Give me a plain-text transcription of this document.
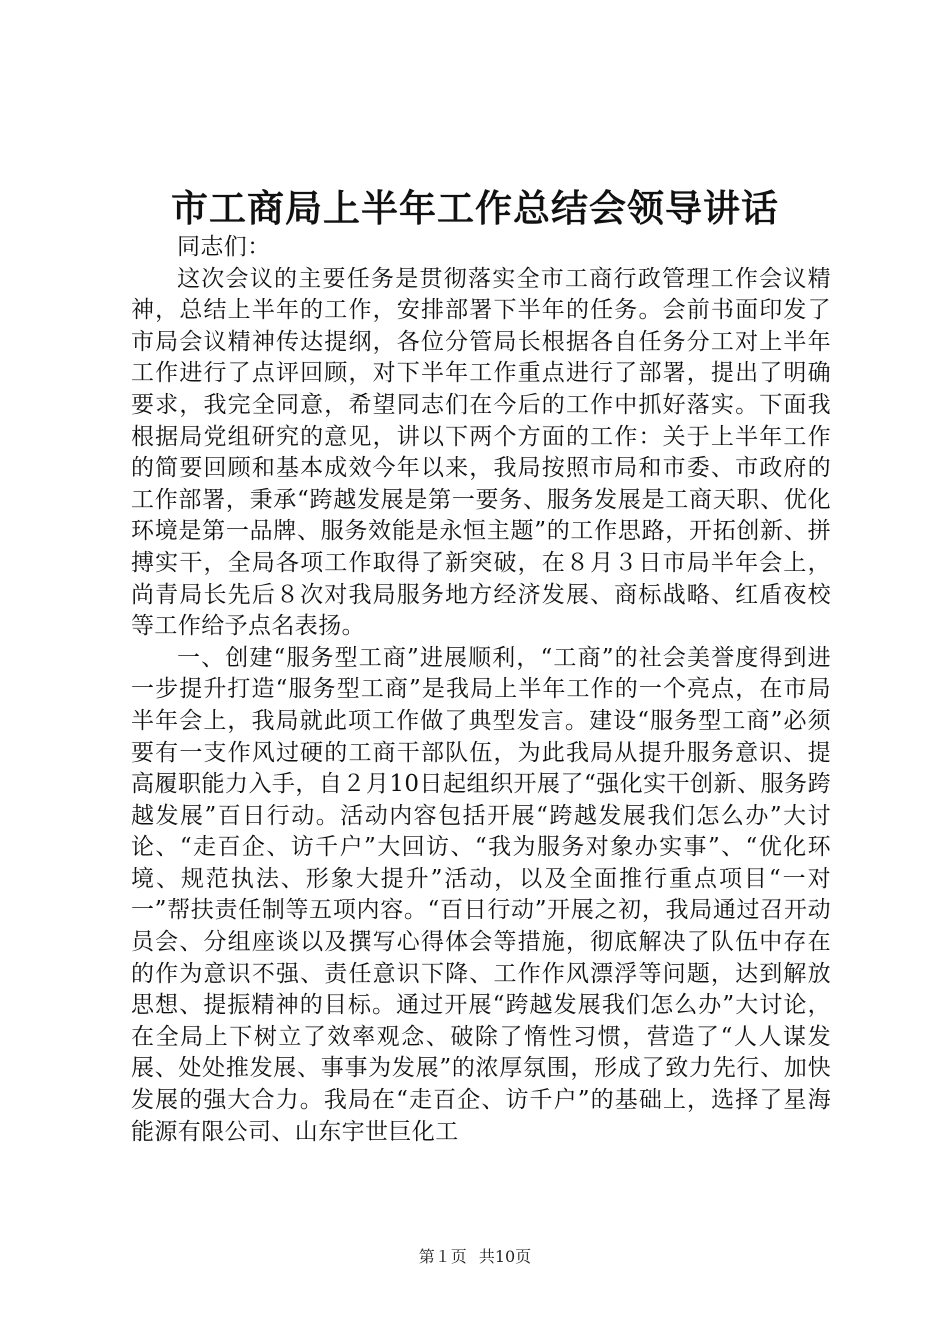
市工商局上半年工作总结会领导讲话

同志们：

这次会议的主要任务是贯彻落实全市工商行政管理工作会议精神，总结上半年的工作，安排部署下半年的任务。会前书面印发了市局会议精神传达提纲，各位分管局长根据各自任务分工对上半年工作进行了点评回顾，对下半年工作重点进行了部署，提出了明确要求，我完全同意，希望同志们在今后的工作中抓好落实。下面我根据局党组研究的意见，讲以下两个方面的工作：关于上半年工作的简要回顾和基本成效今年以来，我局按照市局和市委、市政府的工作部署，秉承“跨越发展是第一要务、服务发展是工商天职、优化环境是第一品牌、服务效能是永恒主题”的工作思路，开拓创新、拼搏实干，全局各项工作取得了新突破，在８月３日市局半年会上，尚青局长先后８次对我局服务地方经济发展、商标战略、红盾夜校等工作给予点名表扬。

一、创建“服务型工商”进展顺利，“工商”的社会美誉度得到进一步提升打造“服务型工商”是我局上半年工作的一个亮点，在市局半年会上，我局就此项工作做了典型发言。建设“服务型工商”必须要有一支作风过硬的工商干部队伍，为此我局从提升服务意识、提高履职能力入手，自２月10日起组织开展了“强化实干创新、服务跨越发展”百日行动。活动内容包括开展“跨越发展我们怎么办”大讨论、“走百企、访千户”大回访、“我为服务对象办实事”、“优化环境、规范执法、形象大提升”活动，以及全面推行重点项目“一对一”帮扶责任制等五项内容。“百日行动”开展之初，我局通过召开动员会、分组座谈以及撰写心得体会等措施，彻底解决了队伍中存在的作为意识不强、责任意识下降、工作作风漂浮等问题，达到解放思想、提振精神的目标。通过开展“跨越发展我们怎么办”大讨论，在全局上下树立了效率观念、破除了惰性习惯，营造了“人人谋发展、处处推发展、事事为发展”的浓厚氛围，形成了致力先行、加快发展的强大合力。我局在“走百企、访千户”的基础上，选择了星海能源有限公司、山东宇世巨化工

第１页 共10页
